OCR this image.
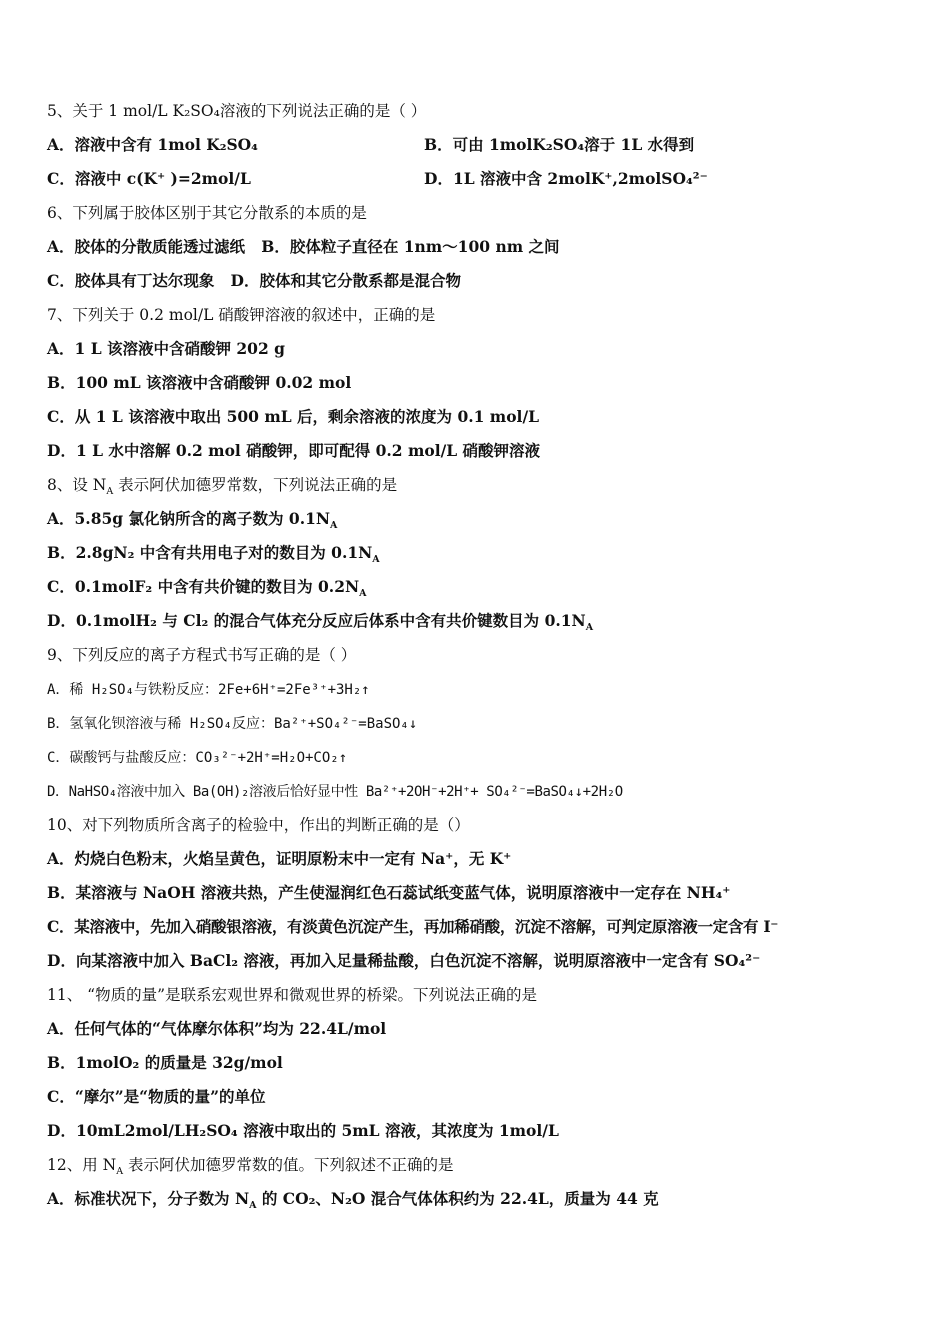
5、关于 1 mol/L K₂SO₄溶液的下列说法正确的是（ ）
A．溶液中含有 1mol K₂SO₄	B．可由 1molK₂SO₄溶于 1L 水得到
C．溶液中 c(K⁺ )=2mol/L	D．1L 溶液中含 2molK⁺,2molSO₄²⁻
6、下列属于胶体区别于其它分散系的本质的是
A．胶体的分散质能透过滤纸 B．胶体粒子直径在 1nm～100 nm 之间
C．胶体具有丁达尔现象 D．胶体和其它分散系都是混合物
7、下列关于 0.2 mol/L 硝酸钾溶液的叙述中，正确的是
A．1 L 该溶液中含硝酸钾 202 g
B．100 mL 该溶液中含硝酸钾 0.02 mol
C．从 1 L 该溶液中取出 500 mL 后，剩余溶液的浓度为 0.1 mol/L
D．1 L 水中溶解 0.2 mol 硝酸钾，即可配得 0.2 mol/L 硝酸钾溶液
8、设 $N_A$ 表示阿伏加德罗常数，下列说法正确的是
A．5.85g 氯化钠所含的离子数为 $0.1N_A$
B．2.8gN₂ 中含有共用电子对的数目为 $0.1N_A$
C．0.1molF₂ 中含有共价键的数目为 $0.2N_A$
D．0.1molH₂ 与 Cl₂ 的混合气体充分反应后体系中含有共价键数目为 $0.1N_A$
9、下列反应的离子方程式书写正确的是（ ）
A．稀 H₂SO₄与铁粉反应：2Fe+6H⁺=2Fe³⁺+3H₂↑
B．氢氧化钡溶液与稀 H₂SO₄反应：Ba²⁺+SO₄²⁻=BaSO₄↓
C．碳酸钙与盐酸反应：CO₃²⁻+2H⁺=H₂O+CO₂↑
D．NaHSO₄溶液中加入 Ba(OH)₂溶液后恰好显中性 Ba²⁺+2OH⁻+2H⁺+ SO₄²⁻=BaSO₄↓+2H₂O
10、对下列物质所含离子的检验中，作出的判断正确的是（）
A．灼烧白色粉末，火焰呈黄色，证明原粉末中一定有 Na⁺，无 K⁺
B．某溶液与 NaOH 溶液共热，产生使湿润红色石蕊试纸变蓝气体，说明原溶液中一定存在 NH₄⁺
C．某溶液中，先加入硝酸银溶液，有淡黄色沉淀产生，再加稀硝酸，沉淀不溶解，可判定原溶液一定含有 I⁻
D．向某溶液中加入 BaCl₂ 溶液，再加入足量稀盐酸，白色沉淀不溶解，说明原溶液中一定含有 SO₄²⁻
11、 “物质的量”是联系宏观世界和微观世界的桥梁。下列说法正确的是
A．任何气体的“气体摩尔体积”均为 22.4L/mol
B．1molO₂ 的质量是 32g/mol
C．“摩尔”是“物质的量”的单位
D．10mL2mol/LH₂SO₄ 溶液中取出的 5mL 溶液，其浓度为 1mol/L
12、用 $N_A$ 表示阿伏加德罗常数的值。下列叙述不正确的是
A．标准状况下，分子数为 $N_A$ 的 CO₂、N₂O 混合气体体积约为 22.4L，质量为 44 克
